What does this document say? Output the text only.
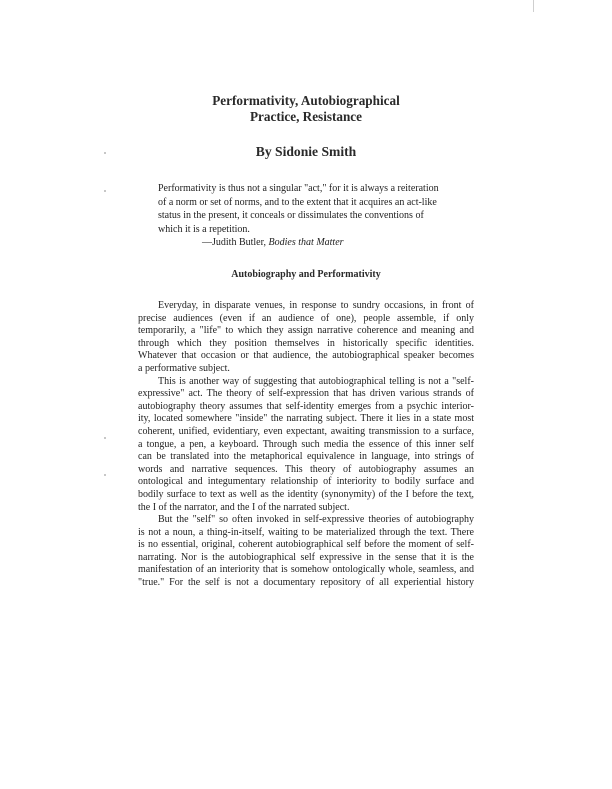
Performativity, Autobiographical
Practice, Resistance
By Sidonie Smith
Performativity is thus not a singular "act," for it is always a reiteration
of a norm or set of norms, and to the extent that it acquires an act-like
status in the present, it conceals or dissimulates the conventions of
which it is a repetition.
—Judith Butler, Bodies that Matter
Autobiography and Performativity
Everyday, in disparate venues, in response to sundry occasions, in front of
precise audiences (even if an audience of one), people assemble, if only
temporarily, a "life" to which they assign narrative coherence and meaning and
through which they position themselves in historically specific identities.
Whatever that occasion or that audience, the autobiographical speaker becomes
a performative subject.
This is another way of suggesting that autobiographical telling is not a "self-
expressive" act. The theory of self-expression that has driven various strands of
autobiography theory assumes that self-identity emerges from a psychic interior-
ity, located somewhere "inside" the narrating subject. There it lies in a state most
coherent, unified, evidentiary, even expectant, awaiting transmission to a surface,
a tongue, a pen, a keyboard. Through such media the essence of this inner self
can be translated into the metaphorical equivalence in language, into strings of
words and narrative sequences. This theory of autobiography assumes an
ontological and integumentary relationship of interiority to bodily surface and
bodily surface to text as well as the identity (synonymity) of the I before the text,
the I of the narrator, and the I of the narrated subject.
But the "self" so often invoked in self-expressive theories of autobiography
is not a noun, a thing-in-itself, waiting to be materialized through the text. There
is no essential, original, coherent autobiographical self before the moment of self-
narrating. Nor is the autobiographical self expressive in the sense that it is the
manifestation of an interiority that is somehow ontologically whole, seamless, and
"true." For the self is not a documentary repository of all experiential history
